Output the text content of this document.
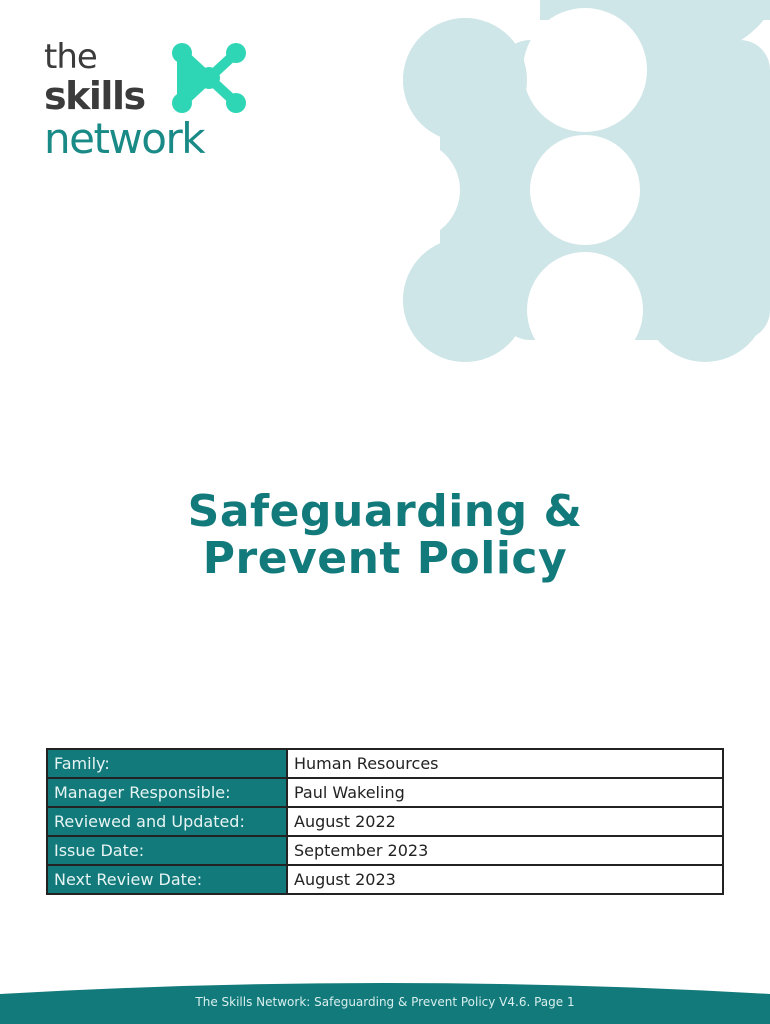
the
skills
network
Safeguarding &
Prevent Policy
Family:	Human Resources
Manager Responsible:	Paul Wakeling
Reviewed and Updated:	August 2022
Issue Date:	September 2023
Next Review Date:	August 2023
The Skills Network: Safeguarding & Prevent Policy V4.6. Page 1
